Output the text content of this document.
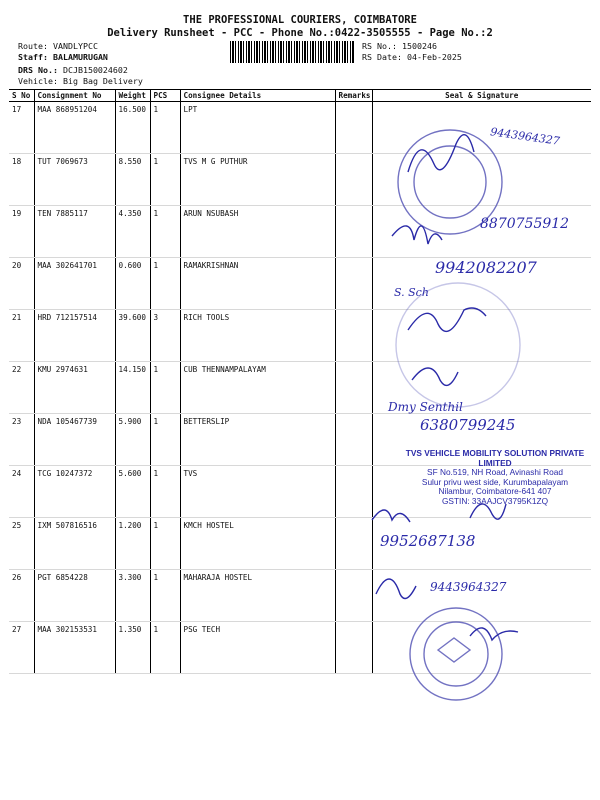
THE PROFESSIONAL COURIERS, COIMBATORE
Delivery Runsheet - PCC - Phone No.:0422-3505555 - Page No.:2
Route: VANDLYPCC
Staff: BALAMURUGAN
DRS No.: DCJB150024602
Vehicle: Big Bag Delivery
RS No.: 1500246
RS Date: 04-Feb-2025
S No	Consignment No	Weight	PCS	Consignee Details	Remarks	Seal & Signature
17	MAA 868951204	16.500	1	LPT		
18	TUT 7069673	8.550	1	TVS M G PUTHUR		
19	TEN 7885117	4.350	1	ARUN NSUBASH		
20	MAA 302641701	0.600	1	RAMAKRISHNAN		
21	HRD 712157514	39.600	3	RICH TOOLS		
22	KMU 2974631	14.150	1	CUB THENNAMPALAYAM		
23	NDA 105467739	5.900	1	BETTERSLIP		
24	TCG 10247372	5.600	1	TVS		
25	IXM 507816516	1.200	1	KMCH HOSTEL		
26	PGT 6854228	3.300	1	MAHARAJA HOSTEL		
27	MAA 302153531	1.350	1	PSG TECH		
TVS VEHICLE MOBILITY SOLUTION PRIVATE LIMITED
SF No.519, NH Road, Avinashi Road
Sulur privu west side, Kurumbapalayam
Nilambur, Coimbatore-641 407
GSTIN: 33AAJCV3795K1ZQ
9443964327
8870755912
9942082207
S. Sch
Dmy Senthil
6380799245
9952687138
9443964327
